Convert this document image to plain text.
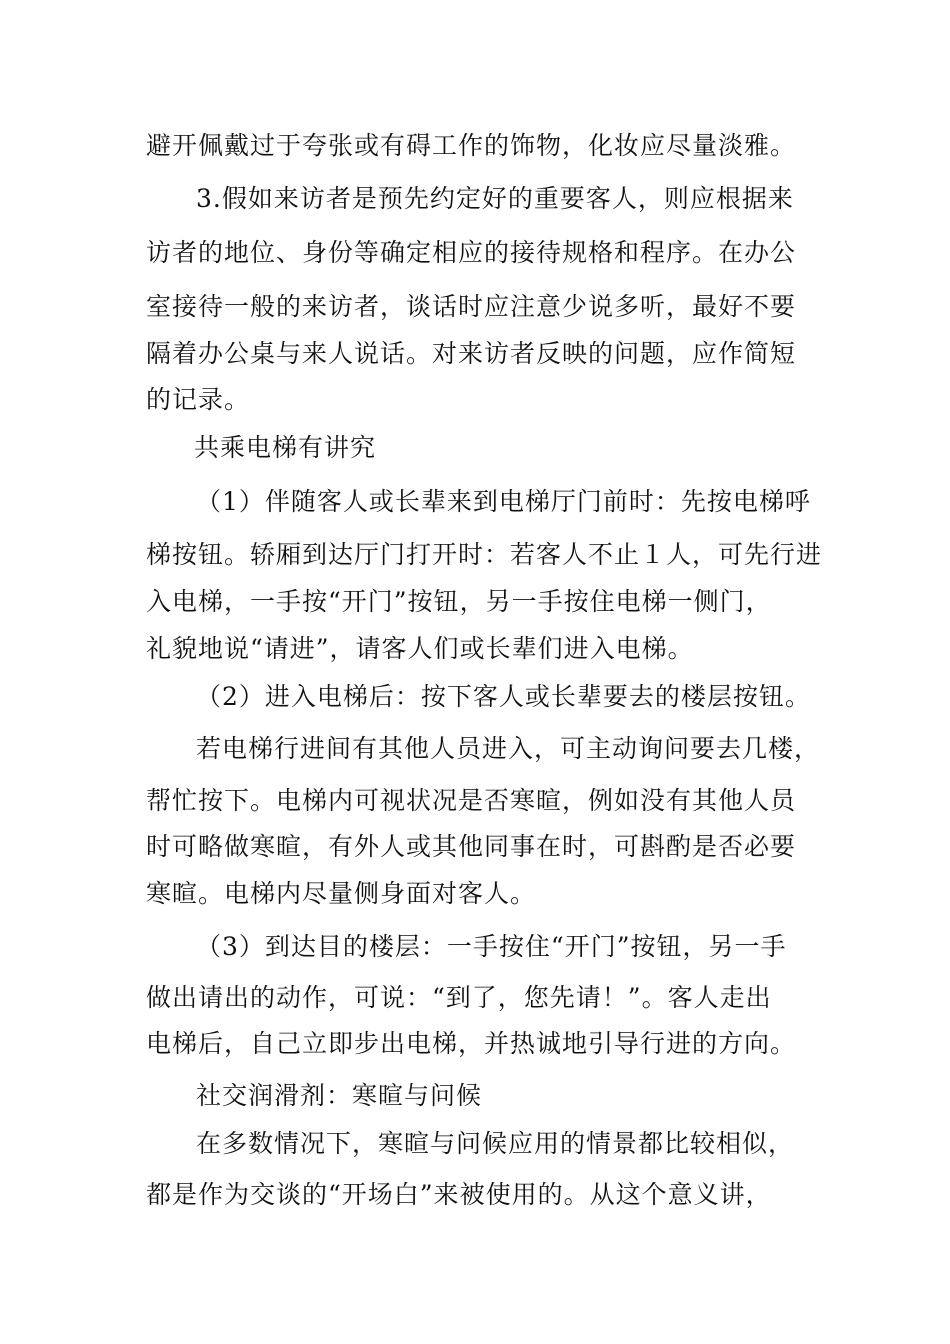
避开佩戴过于夸张或有碍工作的饰物，化妆应尽量淡雅。

3.假如来访者是预先约定好的重要客人，则应根据来

访者的地位、身份等确定相应的接待规格和程序。在办公

室接待一般的来访者，谈话时应注意少说多听，最好不要

隔着办公桌与来人说话。对来访者反映的问题，应作简短

的记录。

共乘电梯有讲究

（1）伴随客人或长辈来到电梯厅门前时：先按电梯呼

梯按钮。轿厢到达厅门打开时：若客人不止１人，可先行进

入电梯，一手按“开门”按钮，另一手按住电梯一侧门，

礼貌地说“请进”，请客人们或长辈们进入电梯。

（2）进入电梯后：按下客人或长辈要去的楼层按钮。

若电梯行进间有其他人员进入，可主动询问要去几楼，

帮忙按下。电梯内可视状况是否寒暄，例如没有其他人员

时可略做寒暄，有外人或其他同事在时，可斟酌是否必要

寒暄。电梯内尽量侧身面对客人。

（3）到达目的楼层：一手按住“开门”按钮，另一手

做出请出的动作，可说：“到了，您先请！”。客人走出

电梯后，自己立即步出电梯，并热诚地引导行进的方向。

社交润滑剂：寒暄与问候

在多数情况下，寒暄与问候应用的情景都比较相似，

都是作为交谈的“开场白”来被使用的。从这个意义讲，
